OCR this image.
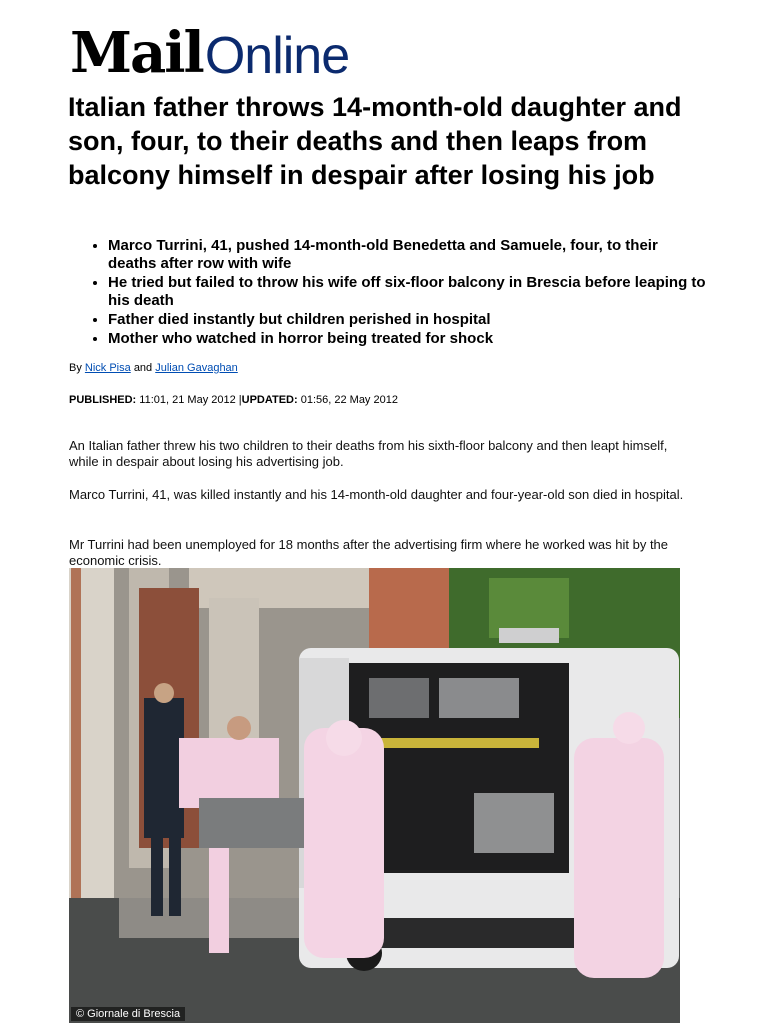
MailOnline
Italian father throws 14-month-old daughter and son, four, to their deaths and then leaps from balcony himself in despair after losing his job
• Marco Turrini, 41, pushed 14-month-old Benedetta and Samuele, four, to their deaths after row with wife
• He tried but failed to throw his wife off six-floor balcony in Brescia before leaping to his death
• Father died instantly but children perished in hospital
• Mother who watched in horror being treated for shock
By Nick Pisa and Julian Gavaghan
PUBLISHED: 11:01, 21 May 2012 |UPDATED: 01:56, 22 May 2012

An Italian father threw his two children to their deaths from his sixth-floor balcony and then leapt himself, while in despair about losing his advertising job.

Marco Turrini, 41, was killed instantly and his 14-month-old daughter and four-year-old son died in hospital.

Mr Turrini had been unemployed for 18 months after the advertising firm where he worked was hit by the economic crisis.

© Giornale di Brescia
